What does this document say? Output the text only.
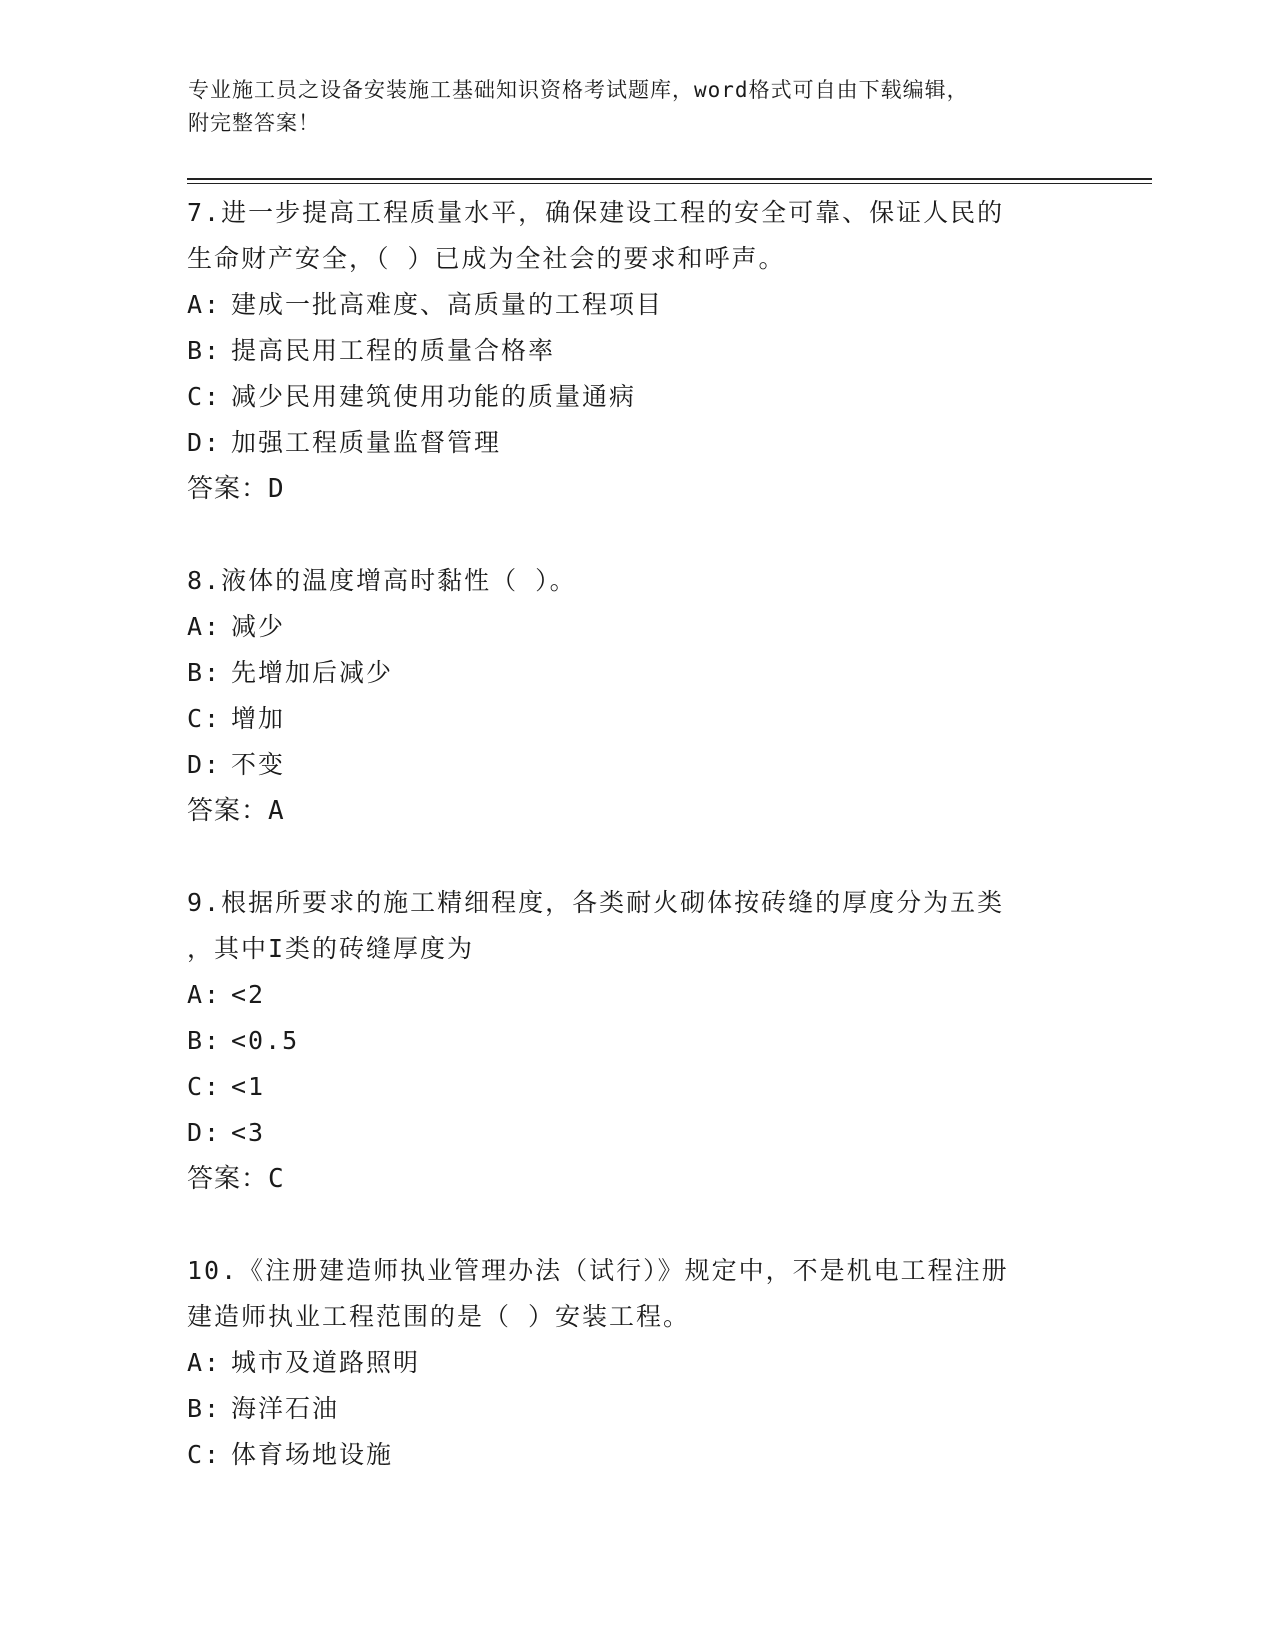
专业施工员之设备安装施工基础知识资格考试题库，word格式可自由下载编辑，
附完整答案！
7.进一步提高工程质量水平，确保建设工程的安全可靠、保证人民的
生命财产安全，（ ）已成为全社会的要求和呼声。
A: 建成一批高难度、高质量的工程项目
B: 提高民用工程的质量合格率
C: 减少民用建筑使用功能的质量通病
D: 加强工程质量监督管理
答案：D
8.液体的温度增高时黏性（ ）。
A: 减少
B: 先增加后减少
C: 增加
D: 不变
答案：A
9.根据所要求的施工精细程度，各类耐火砌体按砖缝的厚度分为五类
，其中I类的砖缝厚度为
A: <2
B: <0.5
C: <1
D: <3
答案：C
10.《注册建造师执业管理办法（试行）》规定中，不是机电工程注册
建造师执业工程范围的是（ ）安装工程。
A: 城市及道路照明
B: 海洋石油
C: 体育场地设施
